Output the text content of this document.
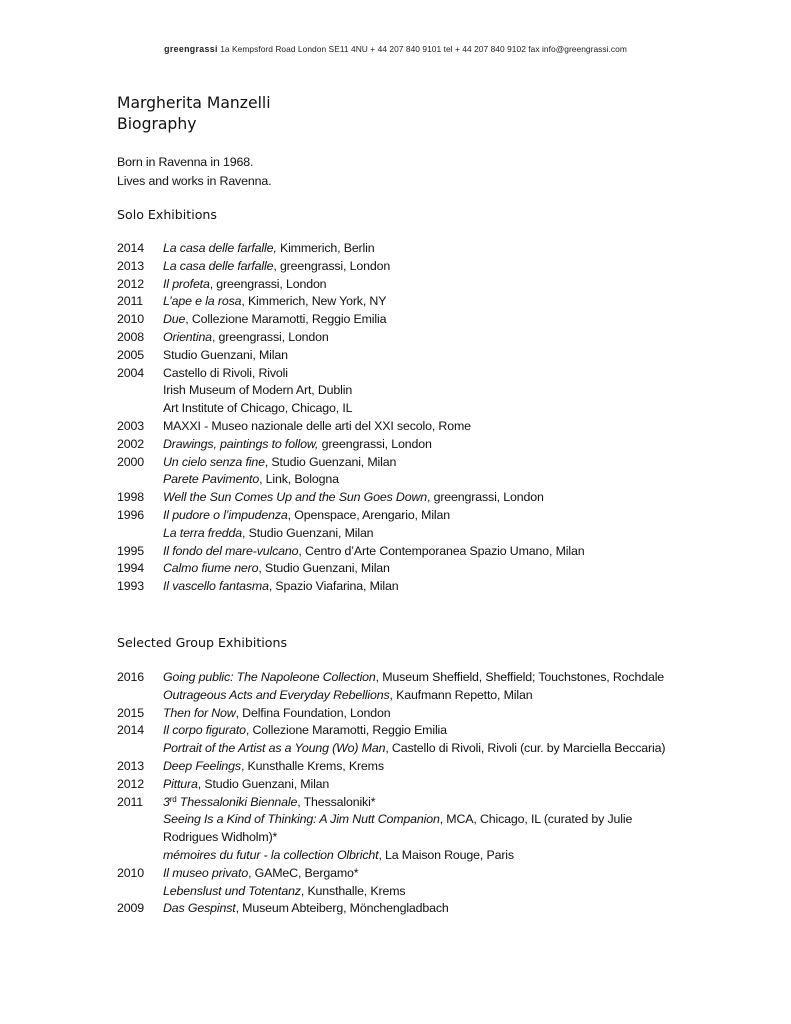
greengrassi 1a Kempsford Road London SE11 4NU + 44 207 840 9101 tel + 44 207 840 9102 fax info@greengrassi.com
Margherita Manzelli
Biography
Born in Ravenna in 1968.
Lives and works in Ravenna.
Solo Exhibitions
2014	La casa delle farfalle, Kimmerich, Berlin
2013	La casa delle farfalle, greengrassi, London
2012	Il profeta, greengrassi, London
2011	L’ape e la rosa, Kimmerich, New York, NY
2010	Due, Collezione Maramotti, Reggio Emilia
2008	Orientina, greengrassi, London
2005	Studio Guenzani, Milan
2004	Castello di Rivoli, Rivoli
Irish Museum of Modern Art, Dublin
Art Institute of Chicago, Chicago, IL
2003	MAXXI - Museo nazionale delle arti del XXI secolo, Rome
2002	Drawings, paintings to follow, greengrassi, London
2000	Un cielo senza fine, Studio Guenzani, Milan
Parete Pavimento, Link, Bologna
1998	Well the Sun Comes Up and the Sun Goes Down, greengrassi, London
1996	Il pudore o l’impudenza, Openspace, Arengario, Milan
La terra fredda, Studio Guenzani, Milan
1995	Il fondo del mare-vulcano, Centro d’Arte Contemporanea Spazio Umano, Milan
1994	Calmo fiume nero, Studio Guenzani, Milan
1993	Il vascello fantasma, Spazio Viafarina, Milan
Selected Group Exhibitions
2016	Going public: The Napoleone Collection, Museum Sheffield, Sheffield; Touchstones, Rochdale
Outrageous Acts and Everyday Rebellions, Kaufmann Repetto, Milan
2015	Then for Now, Delfina Foundation, London
2014	Il corpo figurato, Collezione Maramotti, Reggio Emilia
Portrait of the Artist as a Young (Wo) Man, Castello di Rivoli, Rivoli (cur. by Marciella Beccaria)
2013	Deep Feelings, Kunsthalle Krems, Krems
2012	Pittura, Studio Guenzani, Milan
2011	3rd Thessaloniki Biennale, Thessaloniki*
Seeing Is a Kind of Thinking: A Jim Nutt Companion, MCA, Chicago, IL (curated by Julie Rodrigues Widholm)*
mémoires du futur - la collection Olbricht, La Maison Rouge, Paris
2010	Il museo privato, GAMeC, Bergamo*
Lebenslust und Totentanz, Kunsthalle, Krems
2009	Das Gespinst, Museum Abteiberg, Mönchengladbach
